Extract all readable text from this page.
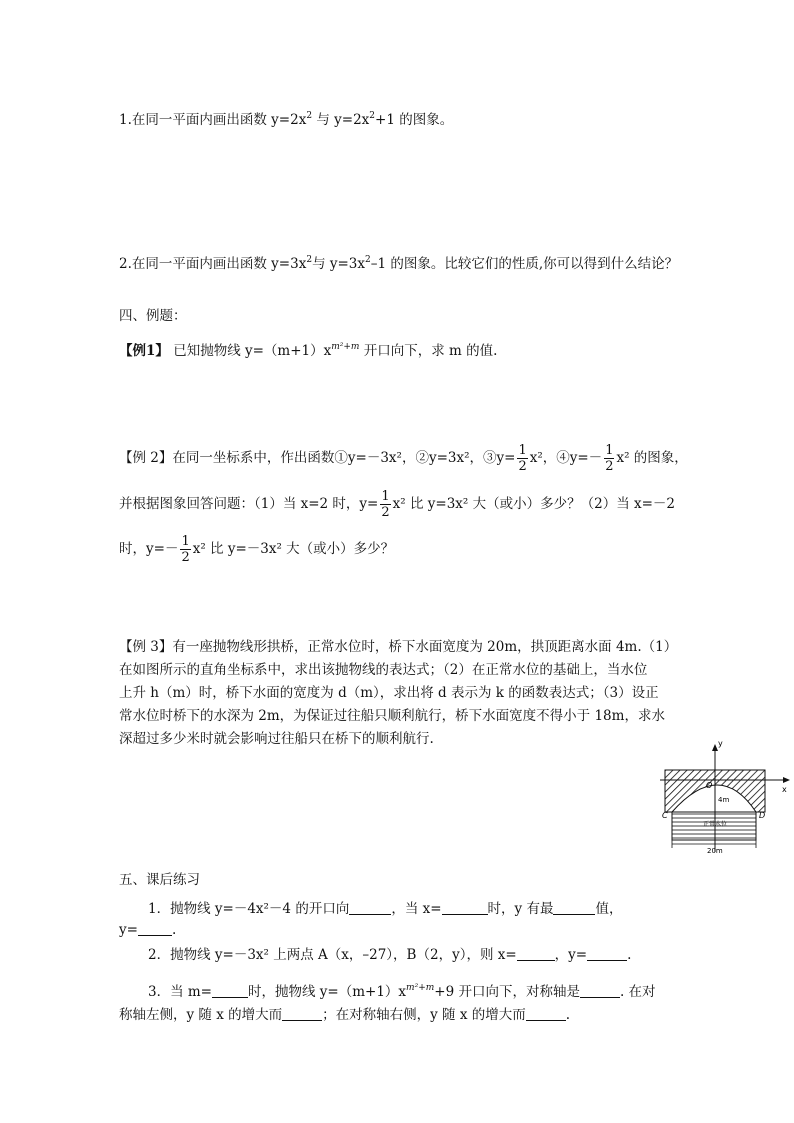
1.在同一平面内画出函数 $y=2x^2$ 与 $y=2x^2+1$ 的图象。
2.在同一平面内画出函数 $y=3x^2$与 $y=3x^2-1$ 的图象。比较它们的性质,你可以得到什么结论？
四、例题：
【例1】 已知抛物线 $y=(m+1)x^{m^2+m}$ 开口向下，求 m 的值.
【例 2】在同一坐标系中，作出函数①y=－3x²，②y=3x²，③y= $\frac{1}{2} x^2$，④y=－ $\frac{1}{2} x^2$ 的图象，
并根据图象回答问题：（1）当 x=2 时，$y= \frac{1}{2} x^2$ 比 y=3x² 大（或小）多少？（2）当 x=－2
时，$y=- \frac{1}{2} x^2$ 比 y=－3x² 大（或小）多少？
【例 3】有一座抛物线形拱桥，正常水位时，桥下水面宽度为 20m，拱顶距离水面 4m.（1）
在如图所示的直角坐标系中，求出该抛物线的表达式；（2）在正常水位的基础上，当水位
上升 h（m）时，桥下水面的宽度为 d（m），求出将 d 表示为 k 的函数表达式；（3）设正
常水位时桥下的水深为 2m，为保证过往船只顺利航行，桥下水面宽度不得小于 18m，求水
深超过多少米时就会影响过往船只在桥下的顺利航行.	y
x
O
C	D
4m
正常水位
20m
五、课后练习
1．抛物线 y=－4x²－4 的开口向	，当 x=	时，y 有最	值，
y=	.
2．抛物线 y=－3x² 上两点 A（x，–27），B（2，y），则 x=	，y=	.
3．当 m=	时，抛物线 $y=(m+1)x^{m^2+m}+9$ 开口向下，对称轴是	. 在对
称轴左侧，y 随 x 的增大而	；在对称轴右侧，y 随 x 的增大而	.
